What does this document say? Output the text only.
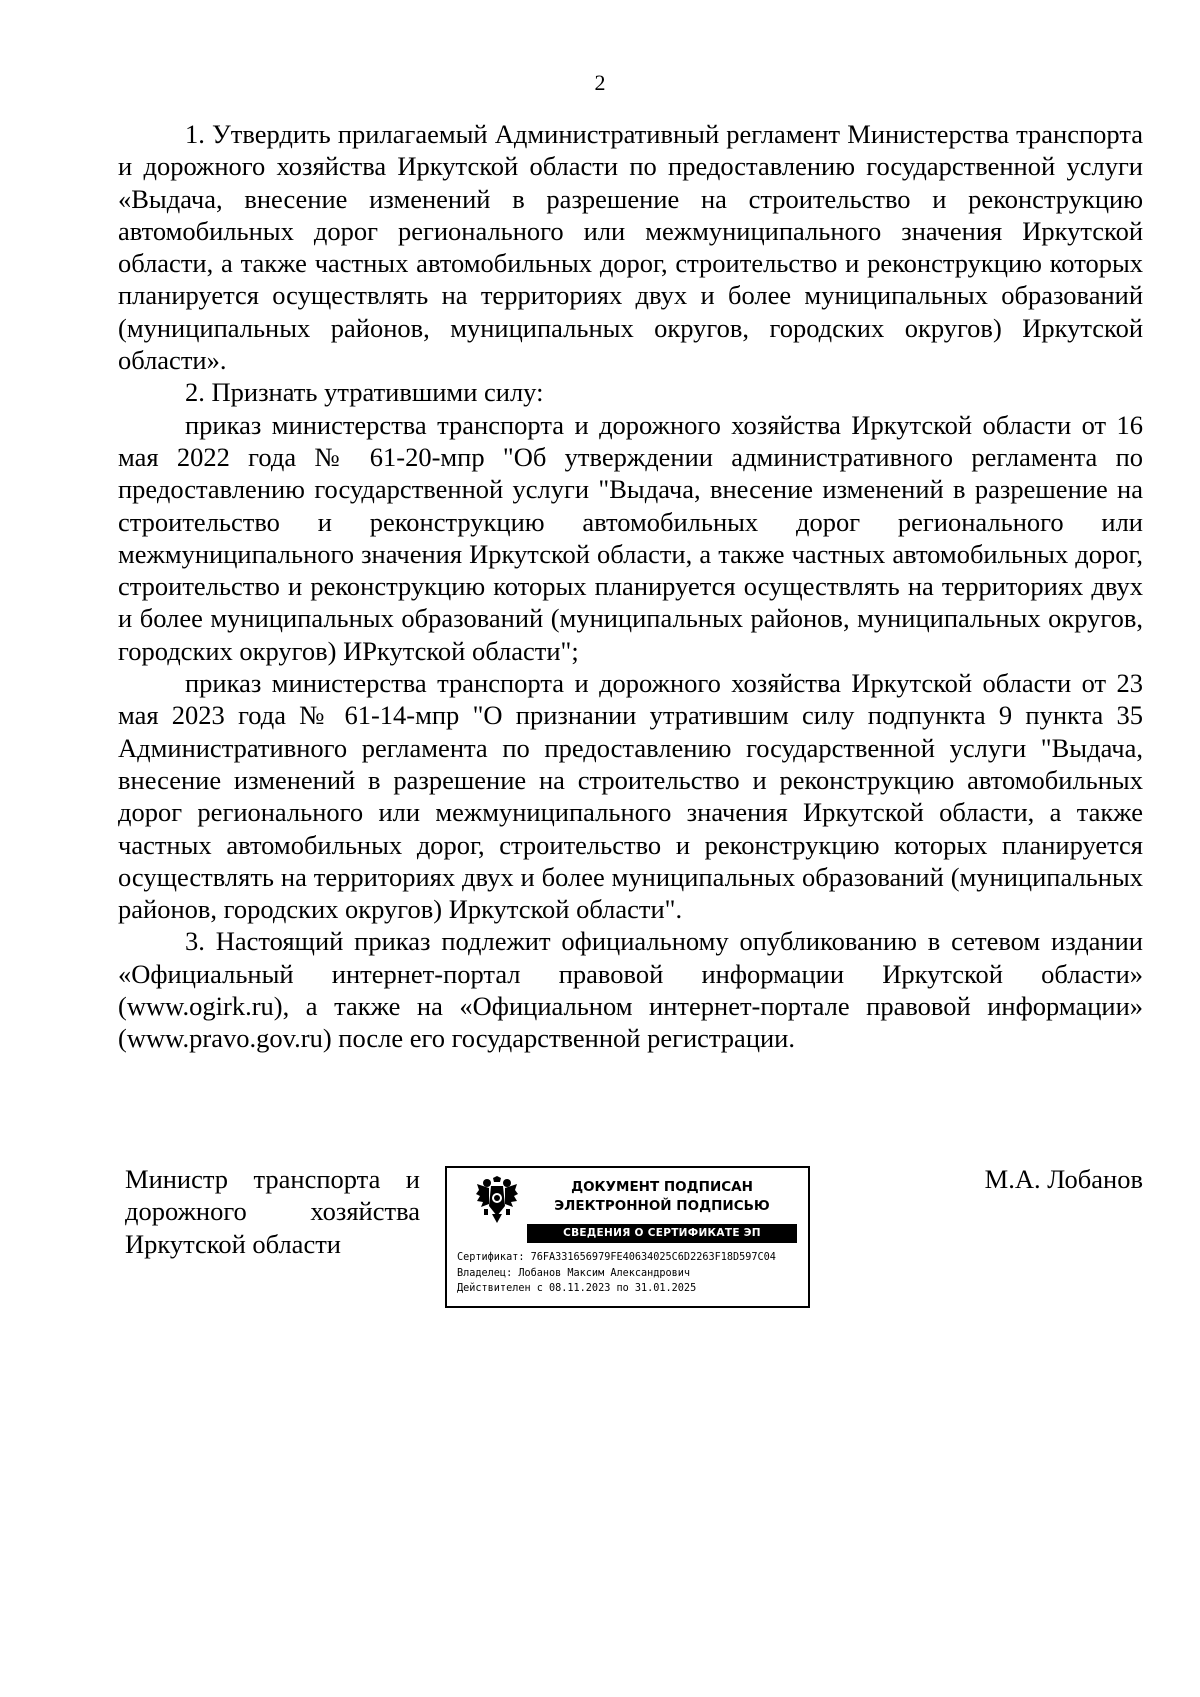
2

1. Утвердить прилагаемый Административный регламент Министерства транспорта и дорожного хозяйства Иркутской области по предоставлению государственной услуги «Выдача, внесение изменений в разрешение на строительство и реконструкцию автомобильных дорог регионального или межмуниципального значения Иркутской области, а также частных автомобильных дорог, строительство и реконструкцию которых планируется осуществлять на территориях двух и более муниципальных образований (муниципальных районов, муниципальных округов, городских округов) Иркутской области».

2. Признать утратившими силу:

приказ министерства транспорта и дорожного хозяйства Иркутской области от 16 мая 2022 года № 61-20-мпр "Об утверждении административного регламента по предоставлению государственной услуги "Выдача, внесение изменений в разрешение на строительство и реконструкцию автомобильных дорог регионального или межмуниципального значения Иркутской области, а также частных автомобильных дорог, строительство и реконструкцию которых планируется осуществлять на территориях двух и более муниципальных образований (муниципальных районов, муниципальных округов, городских округов) ИРкутской области";

приказ министерства транспорта и дорожного хозяйства Иркутской области от 23 мая 2023 года № 61-14-мпр "О признании утратившим силу подпункта 9 пункта 35 Административного регламента по предоставлению государственной услуги "Выдача, внесение изменений в разрешение на строительство и реконструкцию автомобильных дорог регионального или межмуниципального значения Иркутской области, а также частных автомобильных дорог, строительство и реконструкцию которых планируется осуществлять на территориях двух и более муниципальных образований (муниципальных районов, городских округов) Иркутской области".

3. Настоящий приказ подлежит официальному опубликованию в сетевом издании «Официальный интернет-портал правовой информации Иркутской области» (www.ogirk.ru), а также на «Официальном интернет-портале правовой информации» (www.pravo.gov.ru) после его государственной регистрации.

Министр транспорта и дорожного хозяйства Иркутской области
ДОКУМЕНТ ПОДПИСАН
ЭЛЕКТРОННОЙ ПОДПИСЬЮ
СВЕДЕНИЯ О СЕРТИФИКАТЕ ЭП
Сертификат: 76FA331656979FE40634025C6D2263F18D597C04
Владелец: Лобанов Максим Александрович
Действителен с 08.11.2023 по 31.01.2025
М.А. Лобанов
